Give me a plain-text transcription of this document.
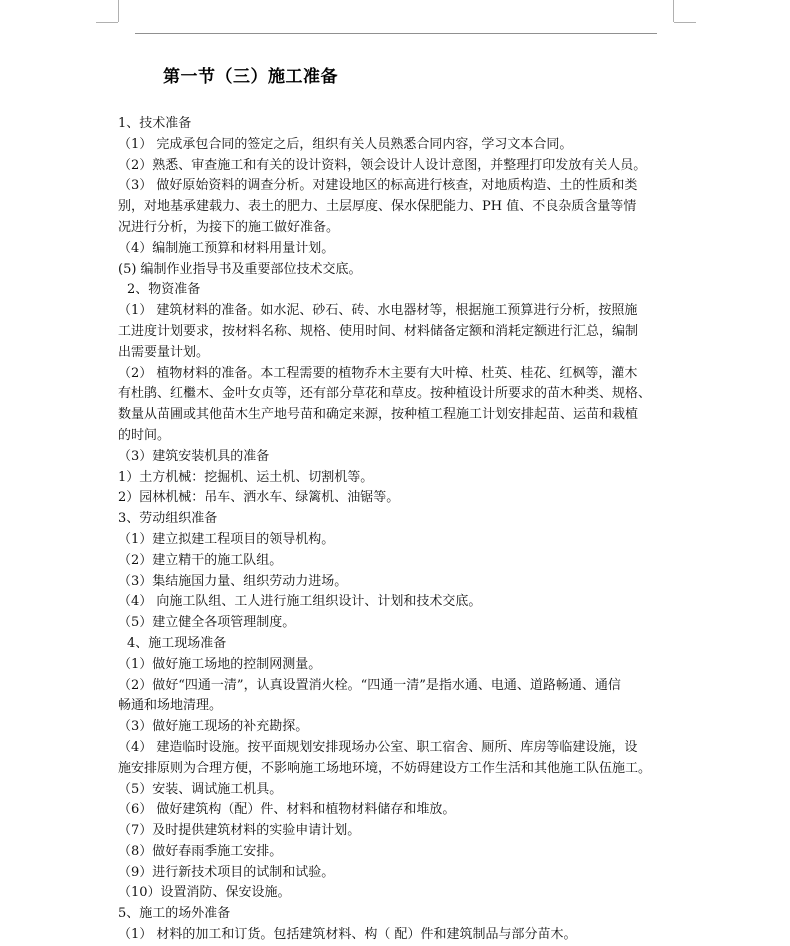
第一节（三）施工准备
1、技术准备
（1） 完成承包合同的签定之后，组织有关人员熟悉合同内容，学习文本合同。
（2）熟悉、审查施工和有关的设计资料，领会设计人设计意图，并整理打印发放有关人员。
（3） 做好原始资料的调查分析。对建设地区的标高进行核查，对地质构造、土的性质和类
别，对地基承建载力、表土的肥力、土层厚度、保水保肥能力、PH 值、不良杂质含量等情
况进行分析，为接下的施工做好准备。
（4）编制施工预算和材料用量计划。
(5) 编制作业指导书及重要部位技术交底。
2、物资准备
（1） 建筑材料的准备。如水泥、砂石、砖、水电器材等，根据施工预算进行分析，按照施
工进度计划要求，按材料名称、规格、使用时间、材料储备定额和消耗定额进行汇总，编制
出需要量计划。
（2） 植物材料的准备。本工程需要的植物乔木主要有大叶樟、杜英、桂花、红枫等，灌木
有杜鹃、红檵木、金叶女贞等，还有部分草花和草皮。按种植设计所要求的苗木种类、规格、
数量从苗圃或其他苗木生产地号苗和确定来源，按种植工程施工计划安排起苗、运苗和栽植
的时间。
（3）建筑安装机具的准备
1）土方机械：挖掘机、运土机、切割机等。
2）园林机械：吊车、洒水车、绿篱机、油锯等。
3、劳动组织准备
（1）建立拟建工程项目的领导机构。
（2）建立精干的施工队组。
（3）集结施国力量、组织劳动力进场。
（4） 向施工队组、工人进行施工组织设计、计划和技术交底。
（5）建立健全各项管理制度。
4、施工现场准备
（1）做好施工场地的控制网测量。
（2）做好“四通一清”，认真设置消火栓。“四通一清”是指水通、电通、道路畅通、通信
畅通和场地清理。
（3）做好施工现场的补充勘探。
（4） 建造临时设施。按平面规划安排现场办公室、职工宿舍、厕所、库房等临建设施，设
施安排原则为合理方便，不影响施工场地环境，不妨碍建设方工作生活和其他施工队伍施工。
（5）安装、调试施工机具。
（6） 做好建筑构（配）件、材料和植物材料储存和堆放。
（7）及时提供建筑材料的实验申请计划。
（8）做好春雨季施工安排。
（9）进行新技术项目的试制和试验。
（10）设置消防、保安设施。
5、施工的场外准备
（1） 材料的加工和订货。包括建筑材料、构（ 配）件和建筑制品与部分苗木。
